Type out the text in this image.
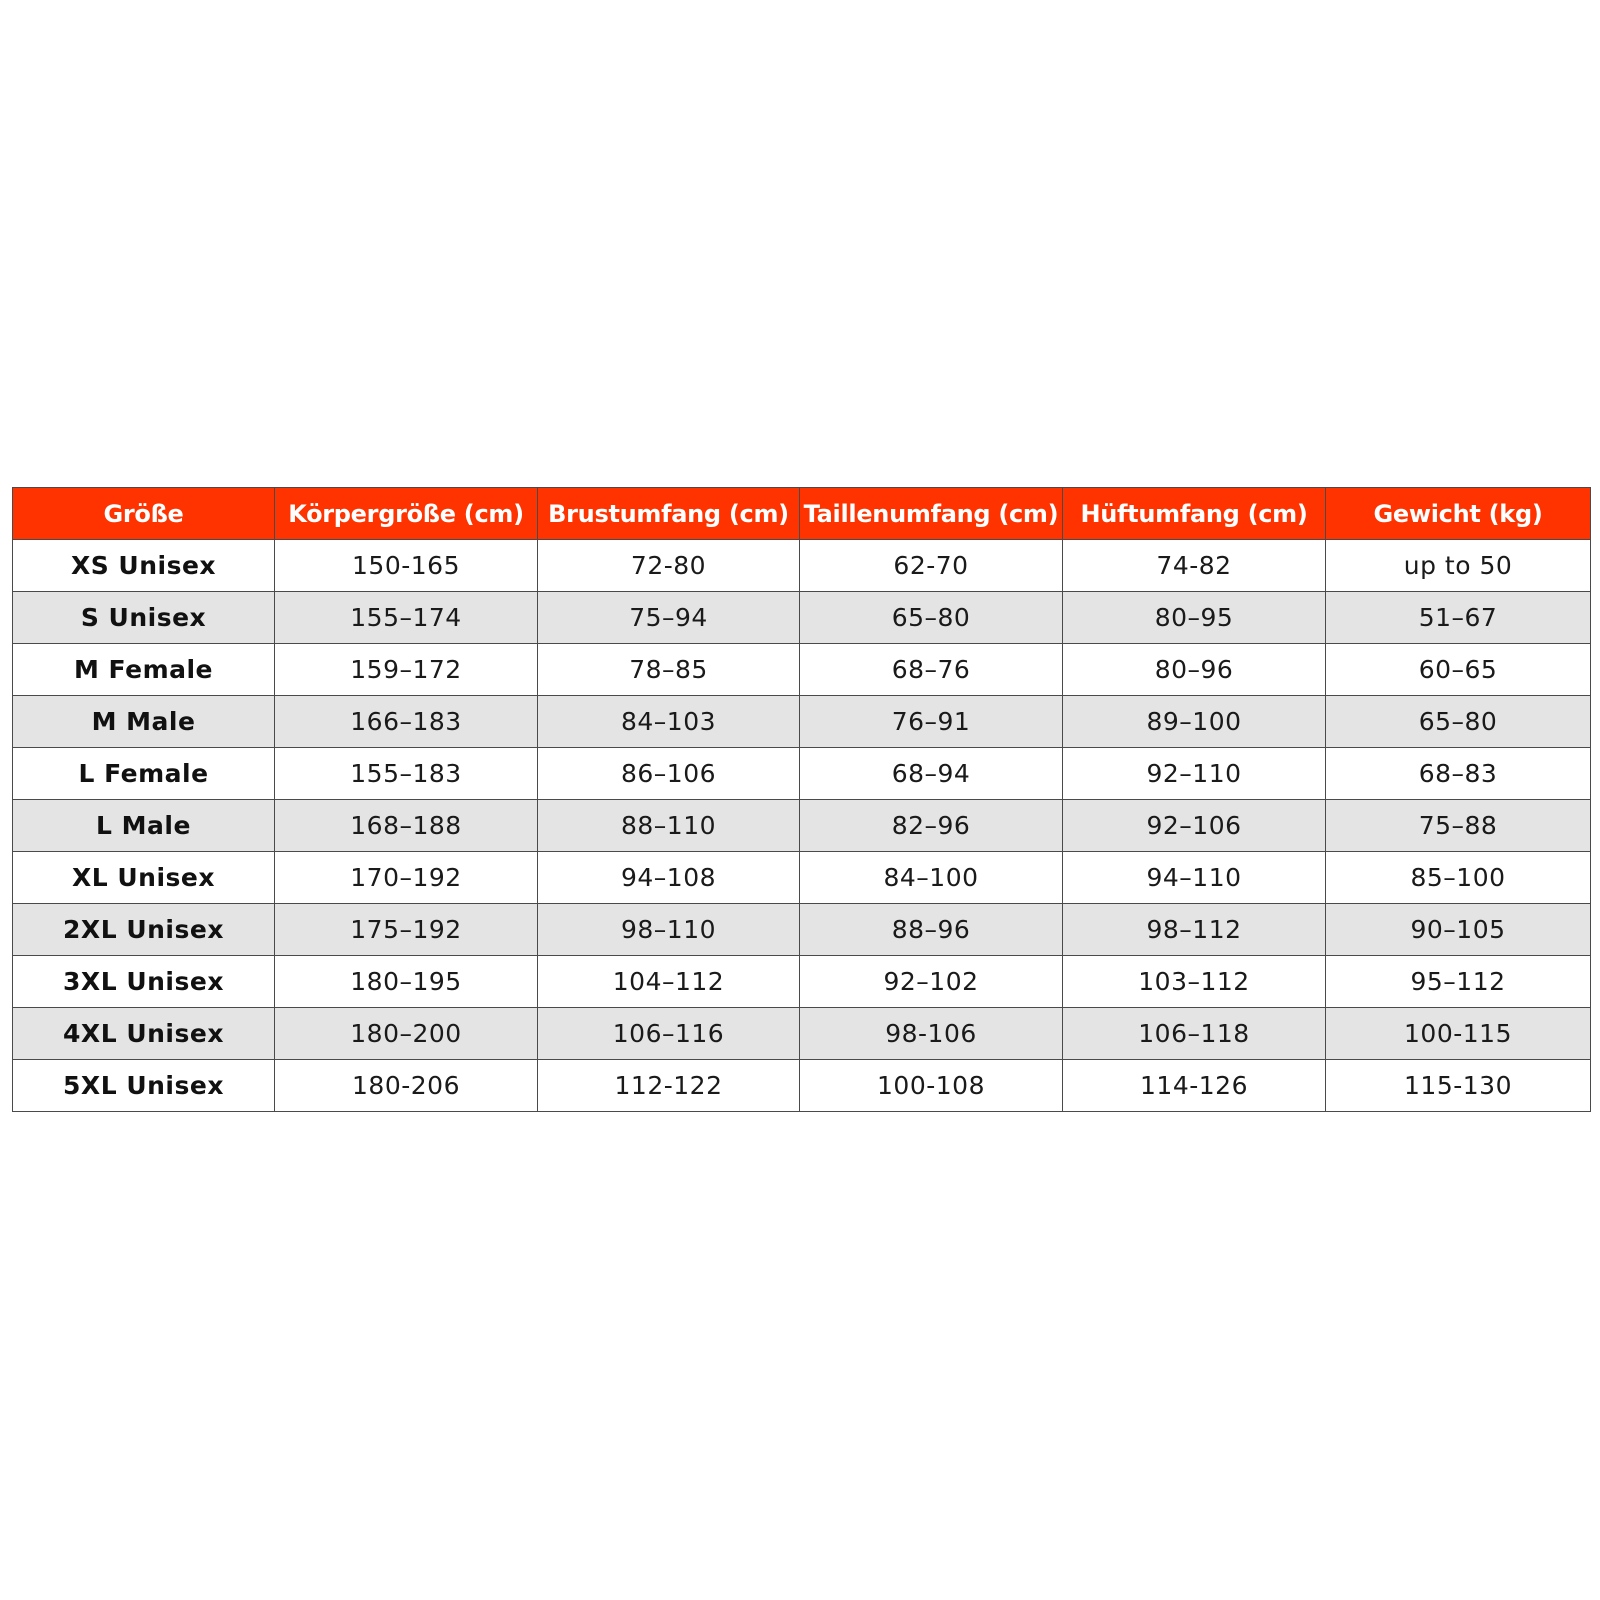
Größe	Körpergröße (cm)	Brustumfang (cm)	Taillenumfang (cm)	Hüftumfang (cm)	Gewicht (kg)
XS Unisex	150-165	72-80	62-70	74-82	up to 50
S Unisex	155–174	75–94	65–80	80–95	51–67
M Female	159–172	78–85	68–76	80–96	60–65
M Male	166–183	84–103	76–91	89–100	65–80
L Female	155–183	86–106	68–94	92–110	68–83
L Male	168–188	88–110	82–96	92–106	75–88
XL Unisex	170–192	94–108	84–100	94–110	85–100
2XL Unisex	175–192	98–110	88–96	98–112	90–105
3XL Unisex	180–195	104–112	92–102	103–112	95–112
4XL Unisex	180–200	106–116	98-106	106–118	100-115
5XL Unisex	180-206	112-122	100-108	114-126	115-130
